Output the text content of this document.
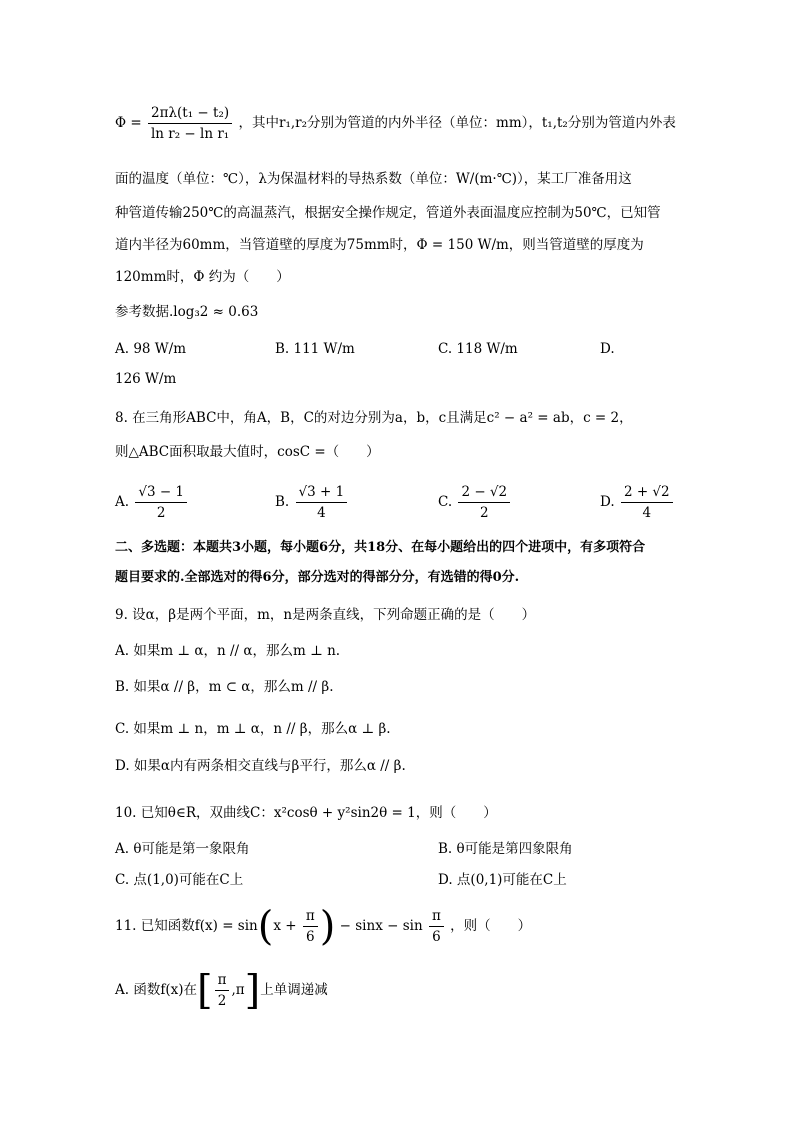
$\Phi = \frac{\text{2πλ(t₁ − t₂)}}{\text{ln r₂ − ln r₁}}$ ，其中r₁,r₂分别为管道的内外半径（单位：mm），t₁,t₂分别为管道内外表
面的温度（单位：℃），λ为保温材料的导热系数（单位：W/(m·℃)），某工厂准备用这
种管道传输250℃的高温蒸汽，根据安全操作规定，管道外表面温度应控制为50℃，已知管
道内半径为60mm，当管道壁的厚度为75mm时，Φ = 150 W/m，则当管道壁的厚度为
120mm时，Φ 约为（　　）
参考数据.log₃2 ≈ 0.63
A. 98 W/m	B. 111 W/m	C. 118 W/m	D.
126 W/m
8. 在三角形ABC中，角A，B，C的对边分别为a，b，c且满足c² − a² = ab，c = 2，
则△ABC面积取最大值时，cosC =（　　）
A. $\frac{√3 - 1}{2}$	B. $\frac{√3 + 1}{4}$	C. $\frac{2 - √2}{2}$	D. $\frac{2 + √2}{4}$
二、多选题：本题共3小题，每小题6分，共18分、在每小题给出的四个进项中，有多项符合
题目要求的.全部选对的得6分，部分选对的得部分分，有选错的得0分.
9. 设α，β是两个平面，m，n是两条直线，下列命题正确的是（　　）
A. 如果m ⊥ α，n // α，那么m ⊥ n.
B. 如果α // β，m ⊂ α，那么m // β.
C. 如果m ⊥ n，m ⊥ α，n // β，那么α ⊥ β.
D. 如果α内有两条相交直线与β平行，那么α // β.
10. 已知θ∈R，双曲线C：x²cosθ + y²sin2θ = 1，则（　　）
A. θ可能是第一象限角	B. θ可能是第四象限角
C. 点(1,0)可能在C上	D. 点(0,1)可能在C上
11. 已知函数$f(x) = \sin(x + \frac{\pi}{6}$ ) − $\sin x - \sin \frac{\pi}{6}$ ，则（　　）
A. 函数f(x)在[ $\frac{\pi}{2} ,\pi$]上单调递减
